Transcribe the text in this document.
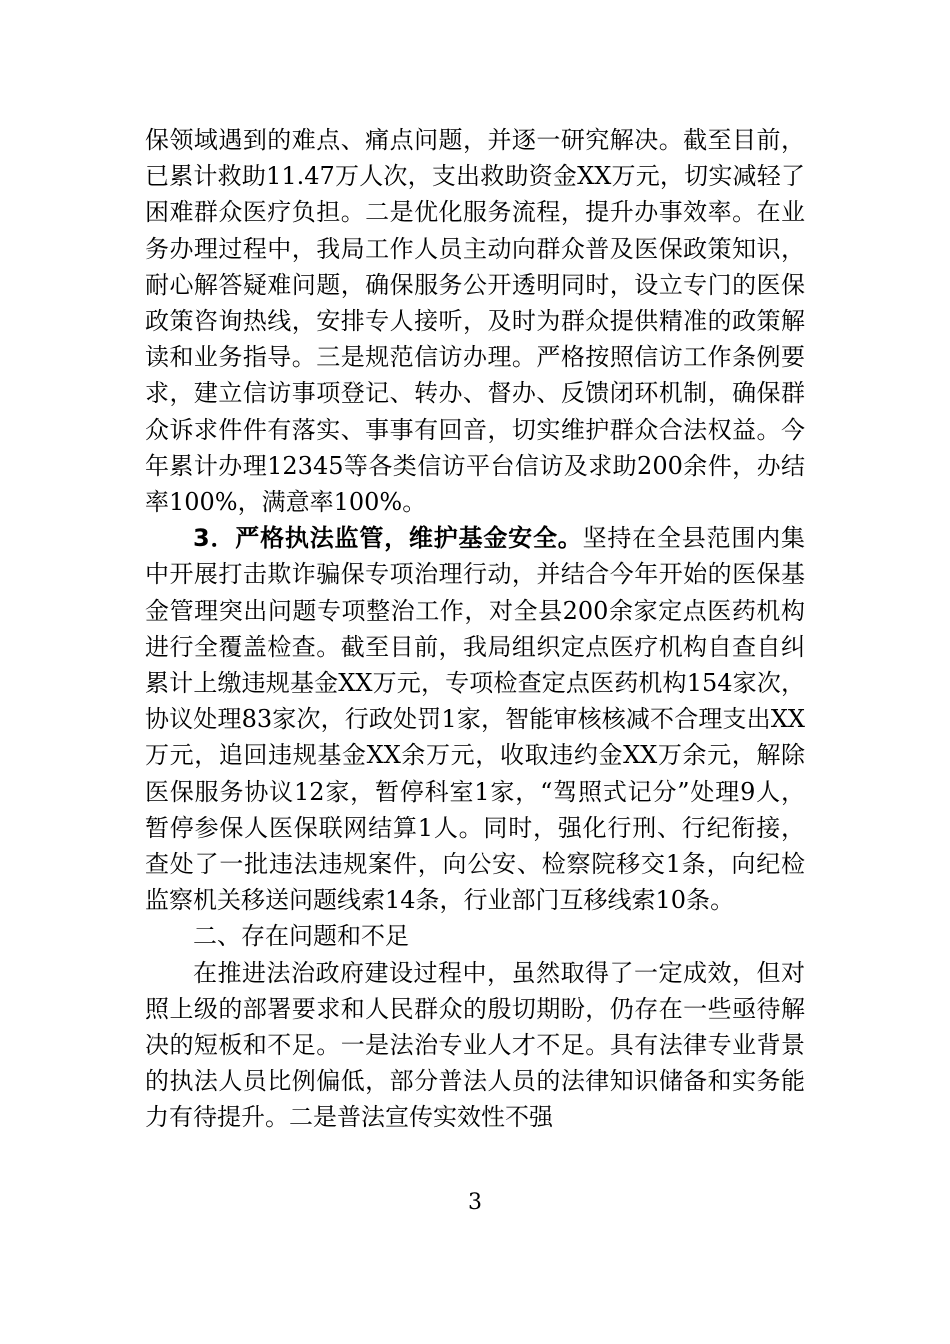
保领域遇到的难点、痛点问题，并逐一研究解决。截至目前，已累计救助11.47万人次，支出救助资金XX万元，切实减轻了困难群众医疗负担。二是优化服务流程，提升办事效率。在业务办理过程中，我局工作人员主动向群众普及医保政策知识，耐心解答疑难问题，确保服务公开透明同时，设立专门的医保政策咨询热线，安排专人接听，及时为群众提供精准的政策解读和业务指导。三是规范信访办理。严格按照信访工作条例要求，建立信访事项登记、转办、督办、反馈闭环机制，确保群众诉求件件有落实、事事有回音，切实维护群众合法权益。今年累计办理12345等各类信访平台信访及求助200余件，办结率100%，满意率100%。

3．严格执法监管，维护基金安全。坚持在全县范围内集中开展打击欺诈骗保专项治理行动，并结合今年开始的医保基金管理突出问题专项整治工作，对全县200余家定点医药机构进行全覆盖检查。截至目前，我局组织定点医疗机构自查自纠累计上缴违规基金XX万元，专项检查定点医药机构154家次，协议处理83家次，行政处罚1家，智能审核核减不合理支出XX万元，追回违规基金XX余万元，收取违约金XX万余元，解除医保服务协议12家，暂停科室1家，“驾照式记分”处理9人，暂停参保人医保联网结算1人。同时，强化行刑、行纪衔接，查处了一批违法违规案件，向公安、检察院移交1条，向纪检监察机关移送问题线索14条，行业部门互移线索10条。

二、存在问题和不足

在推进法治政府建设过程中，虽然取得了一定成效，但对照上级的部署要求和人民群众的殷切期盼，仍存在一些亟待解决的短板和不足。一是法治专业人才不足。具有法律专业背景的执法人员比例偏低，部分普法人员的法律知识储备和实务能力有待提升。二是普法宣传实效性不强

3
